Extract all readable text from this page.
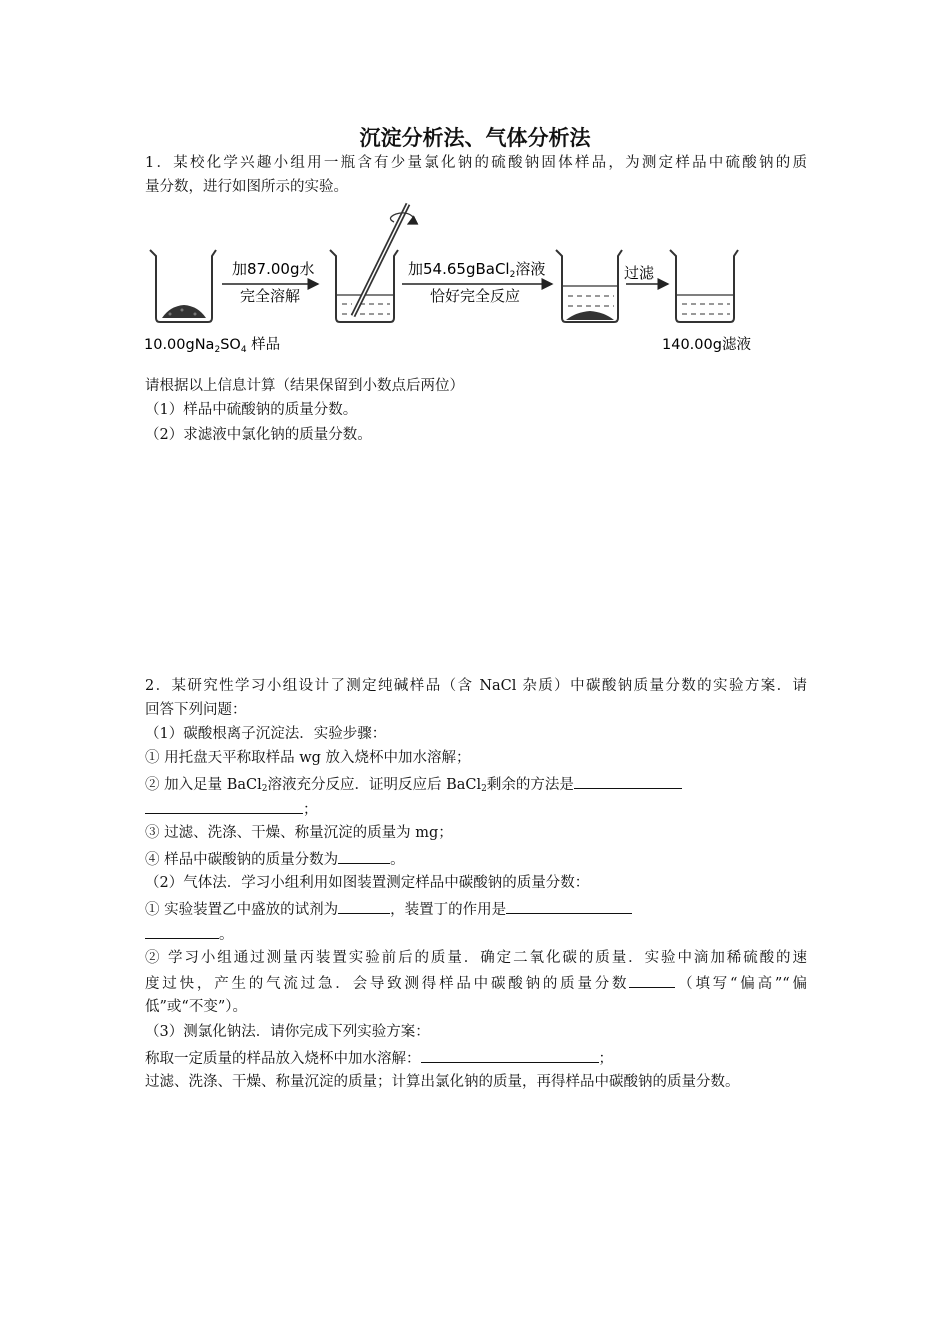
沉淀分析法、气体分析法
1．某校化学兴趣小组用一瓶含有少量氯化钠的硫酸钠固体样品，为测定样品中硫酸钠的质
量分数，进行如图所示的实验。
加87.00g水
完全溶解
加54.65gBaCl$_2$溶液
恰好完全反应
过滤
$10.00gNa_2SO_4$ 样品	140.00g滤液
请根据以上信息计算（结果保留到小数点后两位）
（1）样品中硫酸钠的质量分数。
（2）求滤液中氯化钠的质量分数。
2．某研究性学习小组设计了测定纯碱样品（含 NaCl 杂质）中碳酸钠质量分数的实验方案．请
回答下列问题：
（1）碳酸根离子沉淀法．实验步骤：
① 用托盘天平称取样品 wg 放入烧杯中加水溶解；
② 加入足量 BaCl$_2$溶液充分反应．证明反应后 BaCl$_2$剩余的方法是
；
③ 过滤、洗涤、干燥、称量沉淀的质量为 mg；
④ 样品中碳酸钠的质量分数为	。
（2）气体法．学习小组利用如图装置测定样品中碳酸钠的质量分数：
① 实验装置乙中盛放的试剂为	，装置丁的作用是
。
② 学习小组通过测量丙装置实验前后的质量．确定二氧化碳的质量．实验中滴加稀硫酸的速
度过快，产生的气流过急．会导致测得样品中碳酸钠的质量分数	（填写“偏高”“偏
低”或“不变”）。
（3）测氯化钠法．请你完成下列实验方案：
称取一定质量的样品放入烧杯中加水溶解：	；
过滤、洗涤、干燥、称量沉淀的质量；计算出氯化钠的质量，再得样品中碳酸钠的质量分数。
